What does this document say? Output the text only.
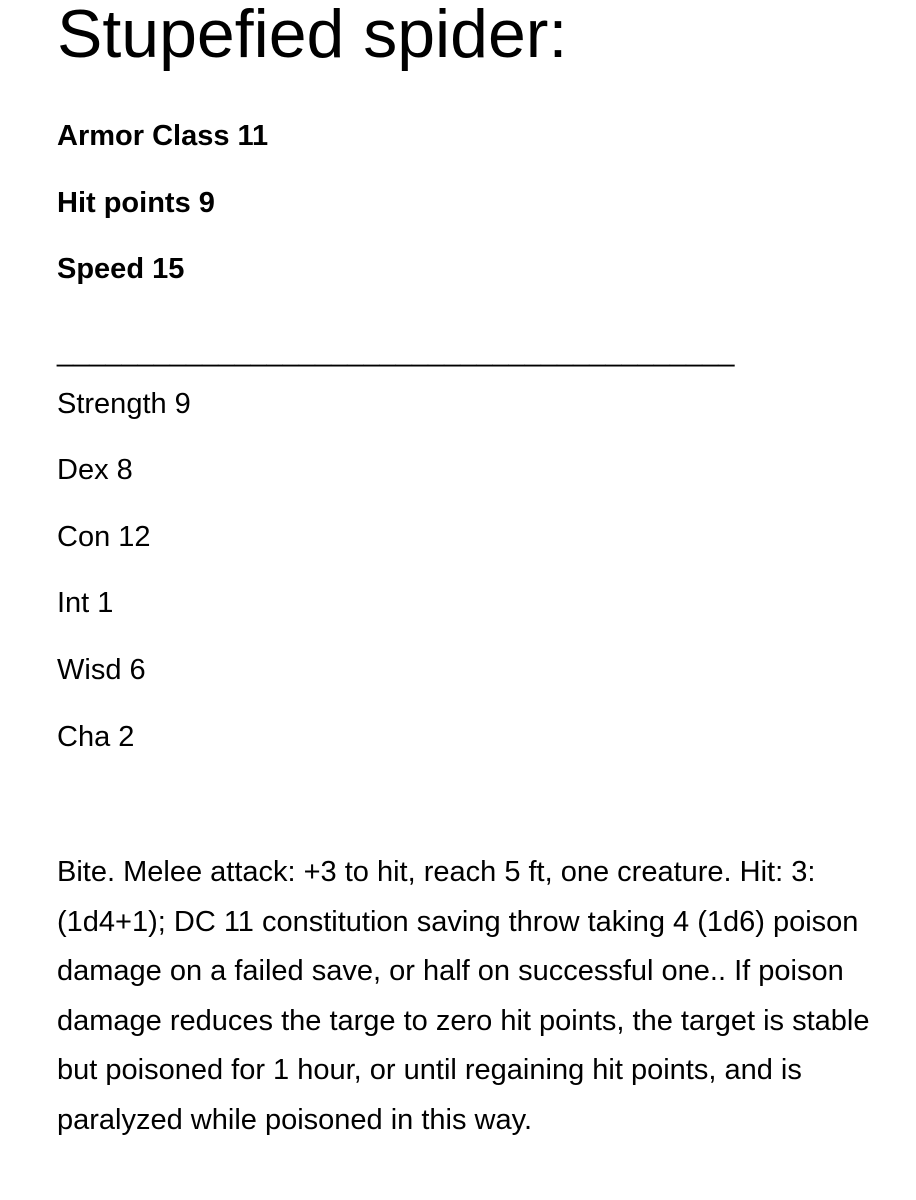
Stupefied spider:

Armor Class 11

Hit points 9

Speed 15

__________________________________________

Strength 9

Dex 8

Con 12

Int 1

Wisd 6

Cha 2

Bite. Melee attack: +3 to hit, reach 5 ft, one creature. Hit: 3: (1d4+1); DC 11 constitution saving throw taking 4 (1d6) poison damage on a failed save, or half on successful one.. If poison damage reduces the targe to zero hit points, the target is stable but poisoned for 1 hour, or until regaining hit points, and is paralyzed while poisoned in this way.
